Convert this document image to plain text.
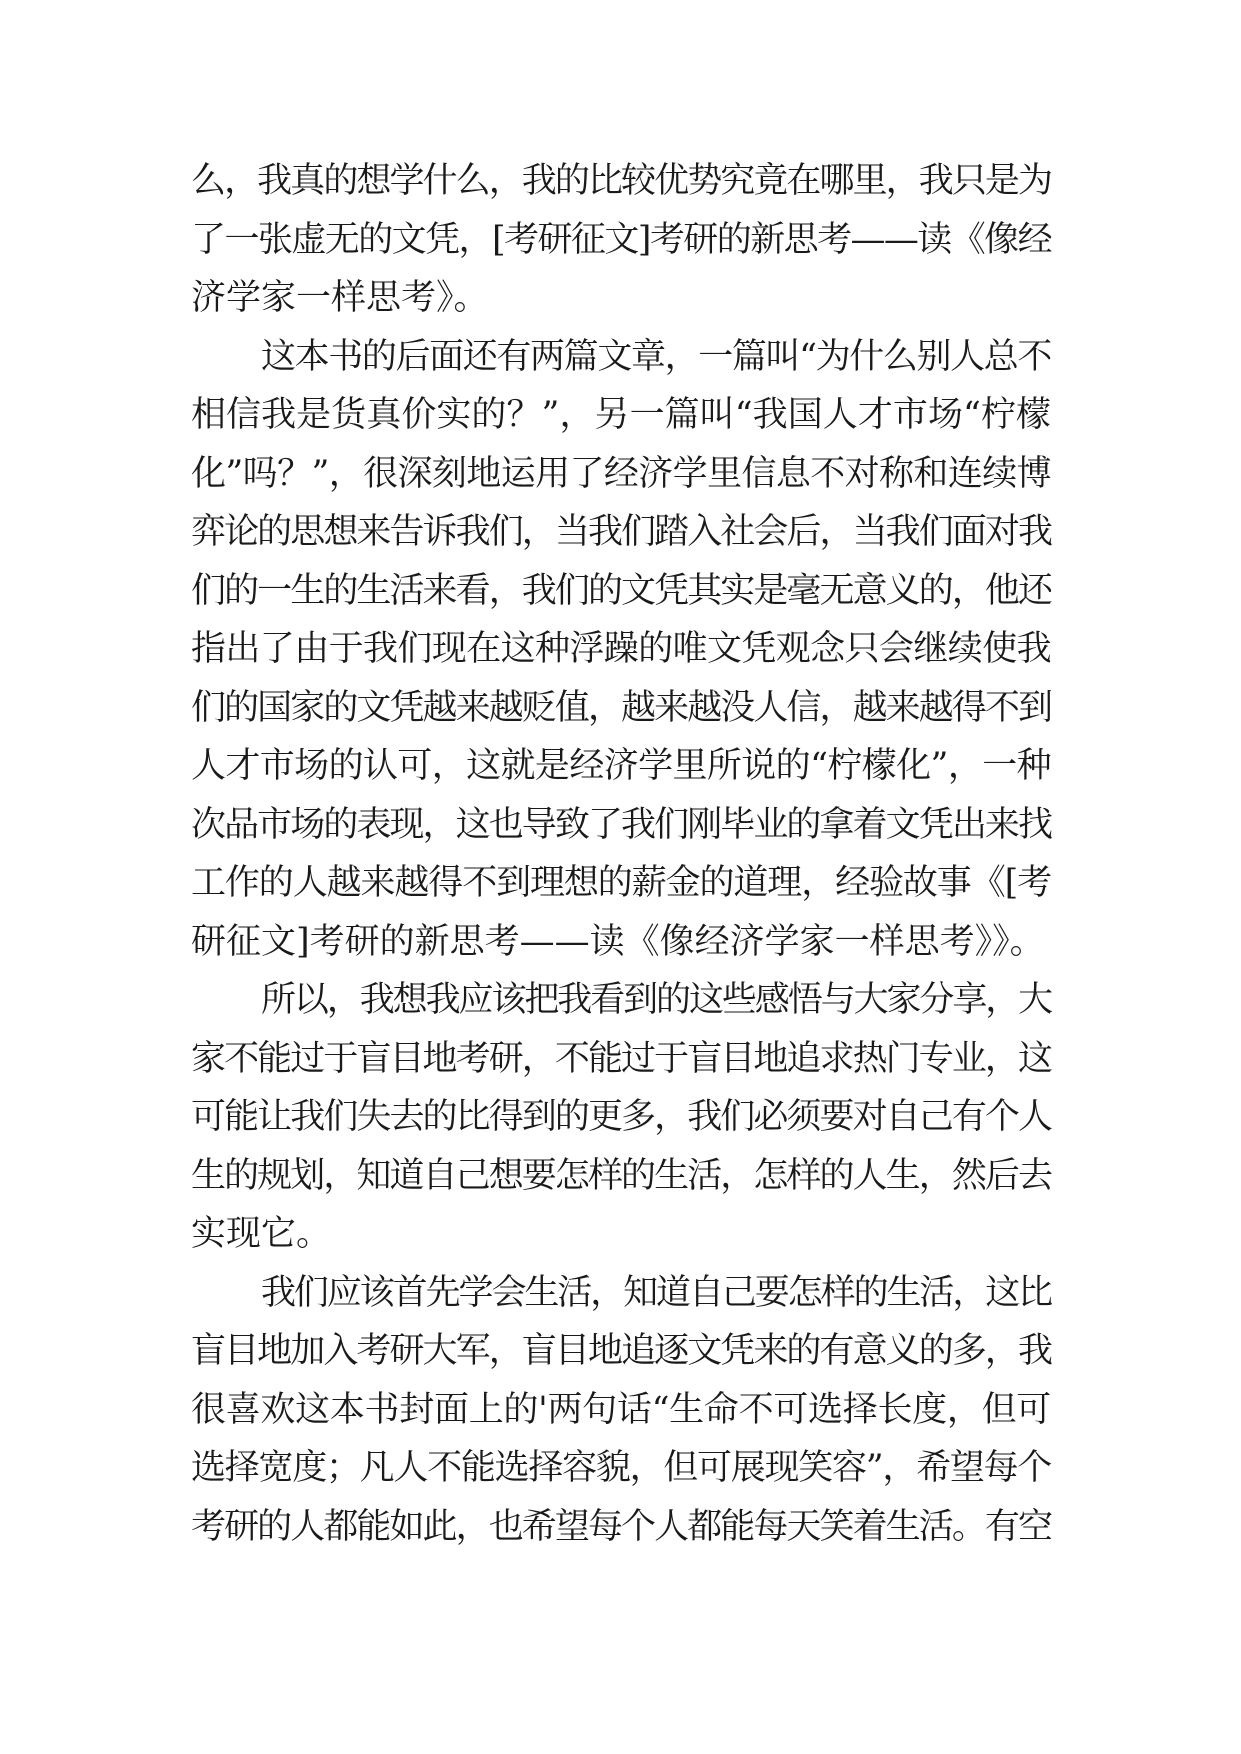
么，我真的想学什么，我的比较优势究竟在哪里，我只是为
了一张虚无的文凭，[考研征文]考研的新思考——读《像经
济学家一样思考》。

这本书的后面还有两篇文章，一篇叫“为什么别人总不
相信我是货真价实的？”，另一篇叫“我国人才市场“柠檬
化”吗？”，很深刻地运用了经济学里信息不对称和连续博
弈论的思想来告诉我们，当我们踏入社会后，当我们面对我
们的一生的生活来看，我们的文凭其实是毫无意义的，他还
指出了由于我们现在这种浮躁的唯文凭观念只会继续使我
们的国家的文凭越来越贬值，越来越没人信，越来越得不到
人才市场的认可，这就是经济学里所说的“柠檬化”，一种
次品市场的表现，这也导致了我们刚毕业的拿着文凭出来找
工作的人越来越得不到理想的薪金的道理，经验故事《[考
研征文]考研的新思考——读《像经济学家一样思考》》。

所以，我想我应该把我看到的这些感悟与大家分享，大
家不能过于盲目地考研，不能过于盲目地追求热门专业，这
可能让我们失去的比得到的更多，我们必须要对自己有个人
生的规划，知道自己想要怎样的生活，怎样的人生，然后去
实现它。

我们应该首先学会生活，知道自己要怎样的生活，这比
盲目地加入考研大军，盲目地追逐文凭来的有意义的多，我
很喜欢这本书封面上的'两句话“生命不可选择长度，但可
选择宽度；凡人不能选择容貌，但可展现笑容”，希望每个
考研的人都能如此，也希望每个人都能每天笑着生活。有空
